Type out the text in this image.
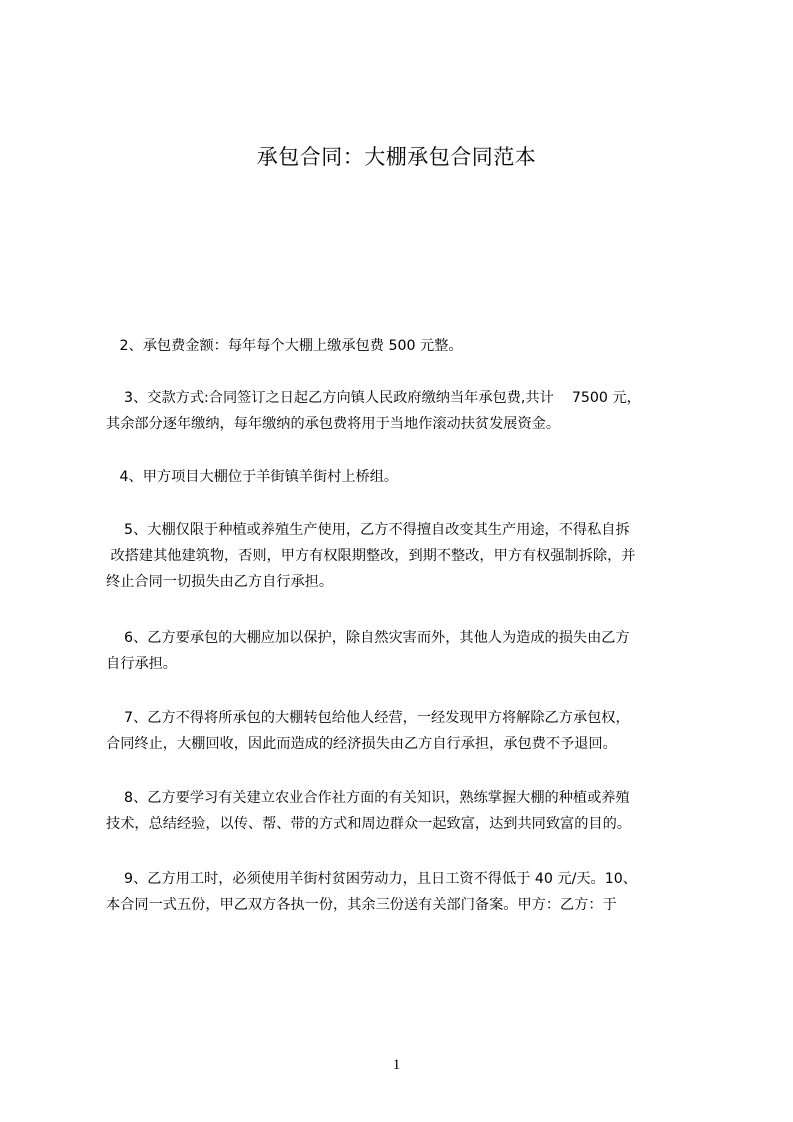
承包合同：大棚承包合同范本
2、承包费金额：每年每个大棚上缴承包费 500 元整。
3、交款方式:合同签订之日起乙方向镇人民政府缴纳当年承包费,共计    7500 元，
其余部分逐年缴纳，每年缴纳的承包费将用于当地作滚动扶贫发展资金。
4、甲方项目大棚位于羊街镇羊街村上桥组。
5、大棚仅限于种植或养殖生产使用，乙方不得擅自改变其生产用途，不得私自拆
改搭建其他建筑物，否则，甲方有权限期整改，到期不整改，甲方有权强制拆除，并
终止合同一切损失由乙方自行承担。
6、乙方要承包的大棚应加以保护，除自然灾害而外，其他人为造成的损失由乙方
自行承担。
7、乙方不得将所承包的大棚转包给他人经营，一经发现甲方将解除乙方承包权，
合同终止，大棚回收，因此而造成的经济损失由乙方自行承担，承包费不予退回。
8、乙方要学习有关建立农业合作社方面的有关知识，熟练掌握大棚的种植或养殖
技术，总结经验，以传、帮、带的方式和周边群众一起致富，达到共同致富的目的。
9、乙方用工时，必须使用羊街村贫困劳动力，且日工资不得低于 40 元/天。10、
本合同一式五份，甲乙双方各执一份，其余三份送有关部门备案。甲方：乙方：于
1
